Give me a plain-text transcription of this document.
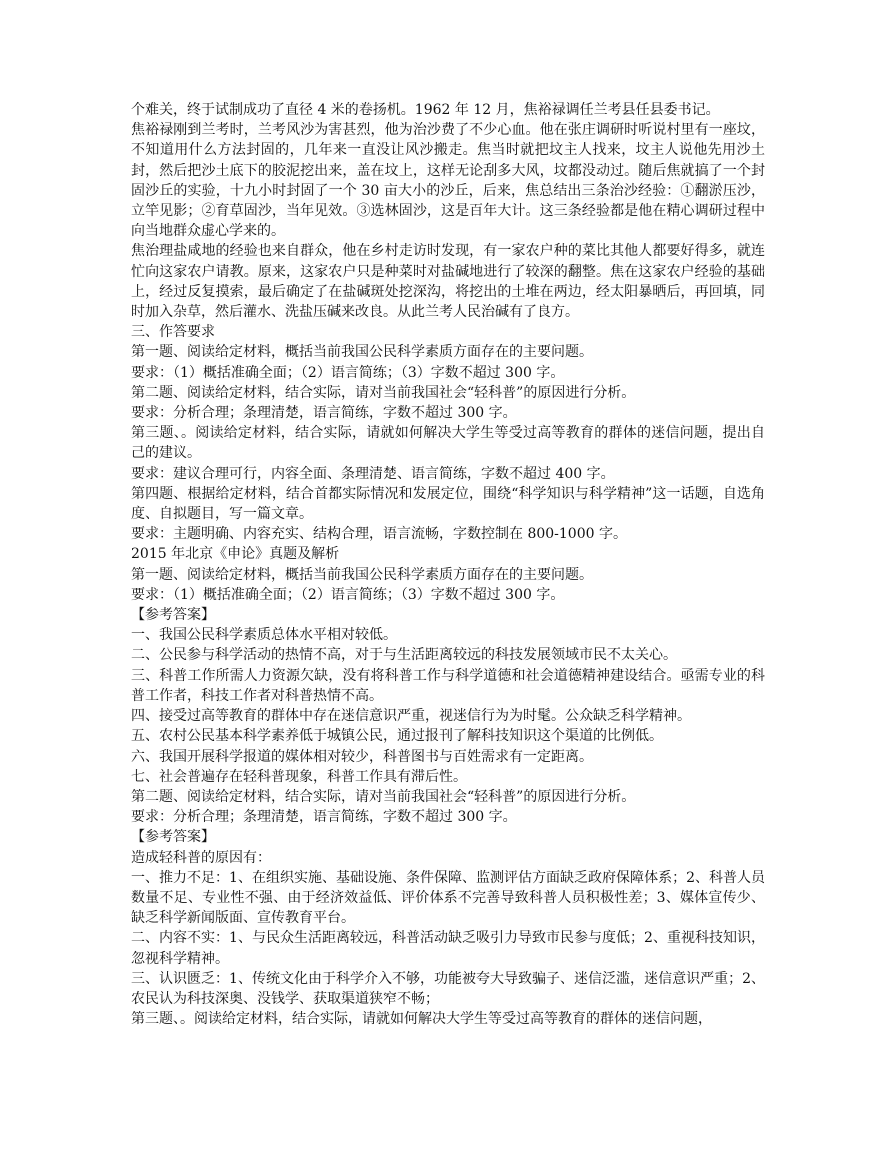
个难关，终于试制成功了直径 4 米的卷扬机。1962 年 12 月，焦裕禄调任兰考县任县委书记。

焦裕禄刚到兰考时，兰考风沙为害甚烈，他为治沙费了不少心血。他在张庄调研时听说村里有一座坟，不知道用什么方法封固的，几年来一直没让风沙搬走。焦当时就把坟主人找来，坟主人说他先用沙土封，然后把沙土底下的胶泥挖出来，盖在坟上，这样无论刮多大风，坟都没动过。随后焦就搞了一个封固沙丘的实验，十九小时封固了一个 30 亩大小的沙丘，后来，焦总结出三条治沙经验：①翻淤压沙，立竿见影；②育草固沙，当年见效。③选林固沙，这是百年大计。这三条经验都是他在精心调研过程中向当地群众虚心学来的。

焦治理盐咸地的经验也来自群众，他在乡村走访时发现，有一家农户种的菜比其他人都要好得多，就连忙向这家农户请教。原来，这家农户只是种菜时对盐碱地进行了较深的翻整。焦在这家农户经验的基础上，经过反复摸索，最后确定了在盐碱斑处挖深沟，将挖出的土堆在两边，经太阳暴晒后，再回填，同时加入杂草，然后灌水、洗盐压碱来改良。从此兰考人民治碱有了良方。

三、作答要求

第一题、阅读给定材料，概括当前我国公民科学素质方面存在的主要问题。

要求：（1）概括准确全面；（2）语言简练；（3）字数不超过 300 字。

第二题、阅读给定材料，结合实际，请对当前我国社会“轻科普”的原因进行分析。

要求：分析合理；条理清楚，语言简练，字数不超过 300 字。

第三题、。阅读给定材料，结合实际，请就如何解决大学生等受过高等教育的群体的迷信问题，提出自己的建议。

要求：建议合理可行，内容全面、条理清楚、语言简练，字数不超过 400 字。

第四题、根据给定材料，结合首都实际情况和发展定位，围绕“科学知识与科学精神”这一话题，自选角度、自拟题目，写一篇文章。

要求：主题明确、内容充实、结构合理，语言流畅，字数控制在 800-1000 字。

2015 年北京《申论》真题及解析

第一题、阅读给定材料，概括当前我国公民科学素质方面存在的主要问题。

要求：（1）概括准确全面；（2）语言简练；（3）字数不超过 300 字。

【参考答案】

一、我国公民科学素质总体水平相对较低。

二、公民参与科学活动的热情不高，对于与生活距离较远的科技发展领域市民不太关心。

三、科普工作所需人力资源欠缺，没有将科普工作与科学道德和社会道德精神建设结合。亟需专业的科普工作者，科技工作者对科普热情不高。

四、接受过高等教育的群体中存在迷信意识严重，视迷信行为为时髦。公众缺乏科学精神。

五、农村公民基本科学素养低于城镇公民，通过报刊了解科技知识这个渠道的比例低。

六、我国开展科学报道的媒体相对较少，科普图书与百姓需求有一定距离。

七、社会普遍存在轻科普现象，科普工作具有滞后性。

第二题、阅读给定材料，结合实际，请对当前我国社会“轻科普”的原因进行分析。

要求：分析合理；条理清楚，语言简练，字数不超过 300 字。

【参考答案】

造成轻科普的原因有：

一、推力不足：1、在组织实施、基础设施、条件保障、监测评估方面缺乏政府保障体系；2、科普人员数量不足、专业性不强、由于经济效益低、评价体系不完善导致科普人员积极性差；3、媒体宣传少、缺乏科学新闻版面、宣传教育平台。

二、内容不实：1、与民众生活距离较远，科普活动缺乏吸引力导致市民参与度低；2、重视科技知识，忽视科学精神。

三、认识匮乏：1、传统文化由于科学介入不够，功能被夸大导致骗子、迷信泛滥，迷信意识严重；2、农民认为科技深奥、没钱学、获取渠道狭窄不畅；

第三题、。阅读给定材料，结合实际，请就如何解决大学生等受过高等教育的群体的迷信问题，
